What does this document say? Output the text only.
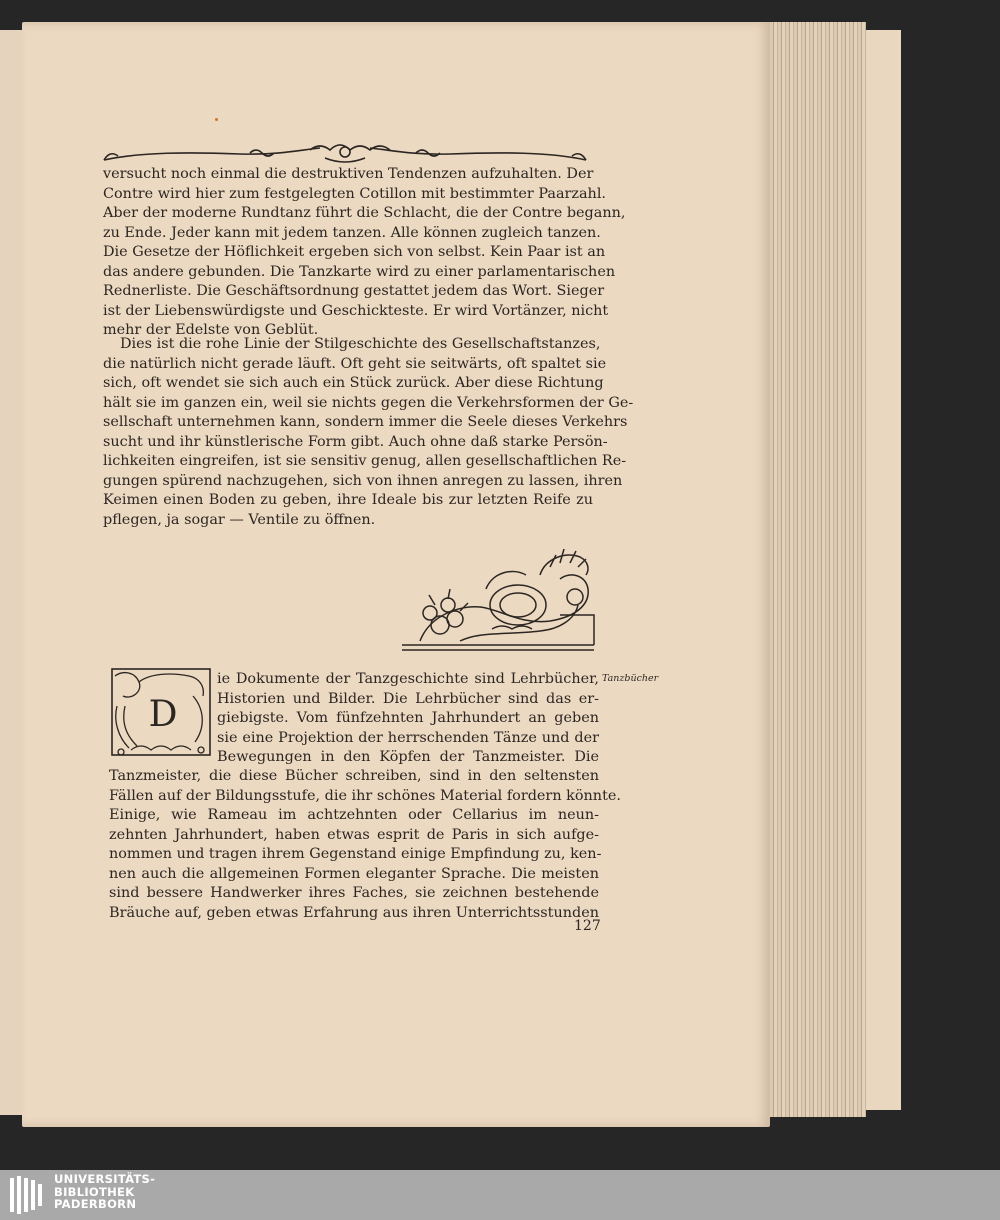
versucht noch einmal die destruktiven Tendenzen aufzuhalten. Der
Contre wird hier zum festgelegten Cotillon mit bestimmter Paarzahl.
Aber der moderne Rundtanz führt die Schlacht, die der Contre begann,
zu Ende. Jeder kann mit jedem tanzen. Alle können zugleich tanzen.
Die Gesetze der Höflichkeit ergeben sich von selbst. Kein Paar ist an
das andere gebunden. Die Tanzkarte wird zu einer parlamentarischen
Rednerliste. Die Geschäftsordnung gestattet jedem das Wort. Sieger
ist der Liebenswürdigste und Geschickteste. Er wird Vortänzer, nicht
mehr der Edelste von Geblüt.
Dies ist die rohe Linie der Stilgeschichte des Gesellschaftstanzes,
die natürlich nicht gerade läuft. Oft geht sie seitwärts, oft spaltet sie
sich, oft wendet sie sich auch ein Stück zurück. Aber diese Richtung
hält sie im ganzen ein, weil sie nichts gegen die Verkehrsformen der Ge-
sellschaft unternehmen kann, sondern immer die Seele dieses Verkehrs
sucht und ihr künstlerische Form gibt. Auch ohne daß starke Persön-
lichkeiten eingreifen, ist sie sensitiv genug, allen gesellschaftlichen Re-
gungen spürend nachzugehen, sich von ihnen anregen zu lassen, ihren
Keimen einen Boden zu geben, ihre Ideale bis zur letzten Reife zu
pflegen, ja sogar — Ventile zu öffnen.
D
ie Dokumente der Tanzgeschichte sind Lehrbücher,
Historien und Bilder. Die Lehrbücher sind das er-
giebigste. Vom fünfzehnten Jahrhundert an geben
sie eine Projektion der herrschenden Tänze und der
Bewegungen in den Köpfen der Tanzmeister. Die
Tanzbücher
Tanzmeister, die diese Bücher schreiben, sind in den seltensten
Fällen auf der Bildungsstufe, die ihr schönes Material fordern könnte.
Einige, wie Rameau im achtzehnten oder Cellarius im neun-
zehnten Jahrhundert, haben etwas esprit de Paris in sich aufge-
nommen und tragen ihrem Gegenstand einige Empfindung zu, ken-
nen auch die allgemeinen Formen eleganter Sprache. Die meisten
sind bessere Handwerker ihres Faches, sie zeichnen bestehende
Bräuche auf, geben etwas Erfahrung aus ihren Unterrichtsstunden
127
UNIVERSITÄTS-
BIBLIOTHEK
PADERBORN
